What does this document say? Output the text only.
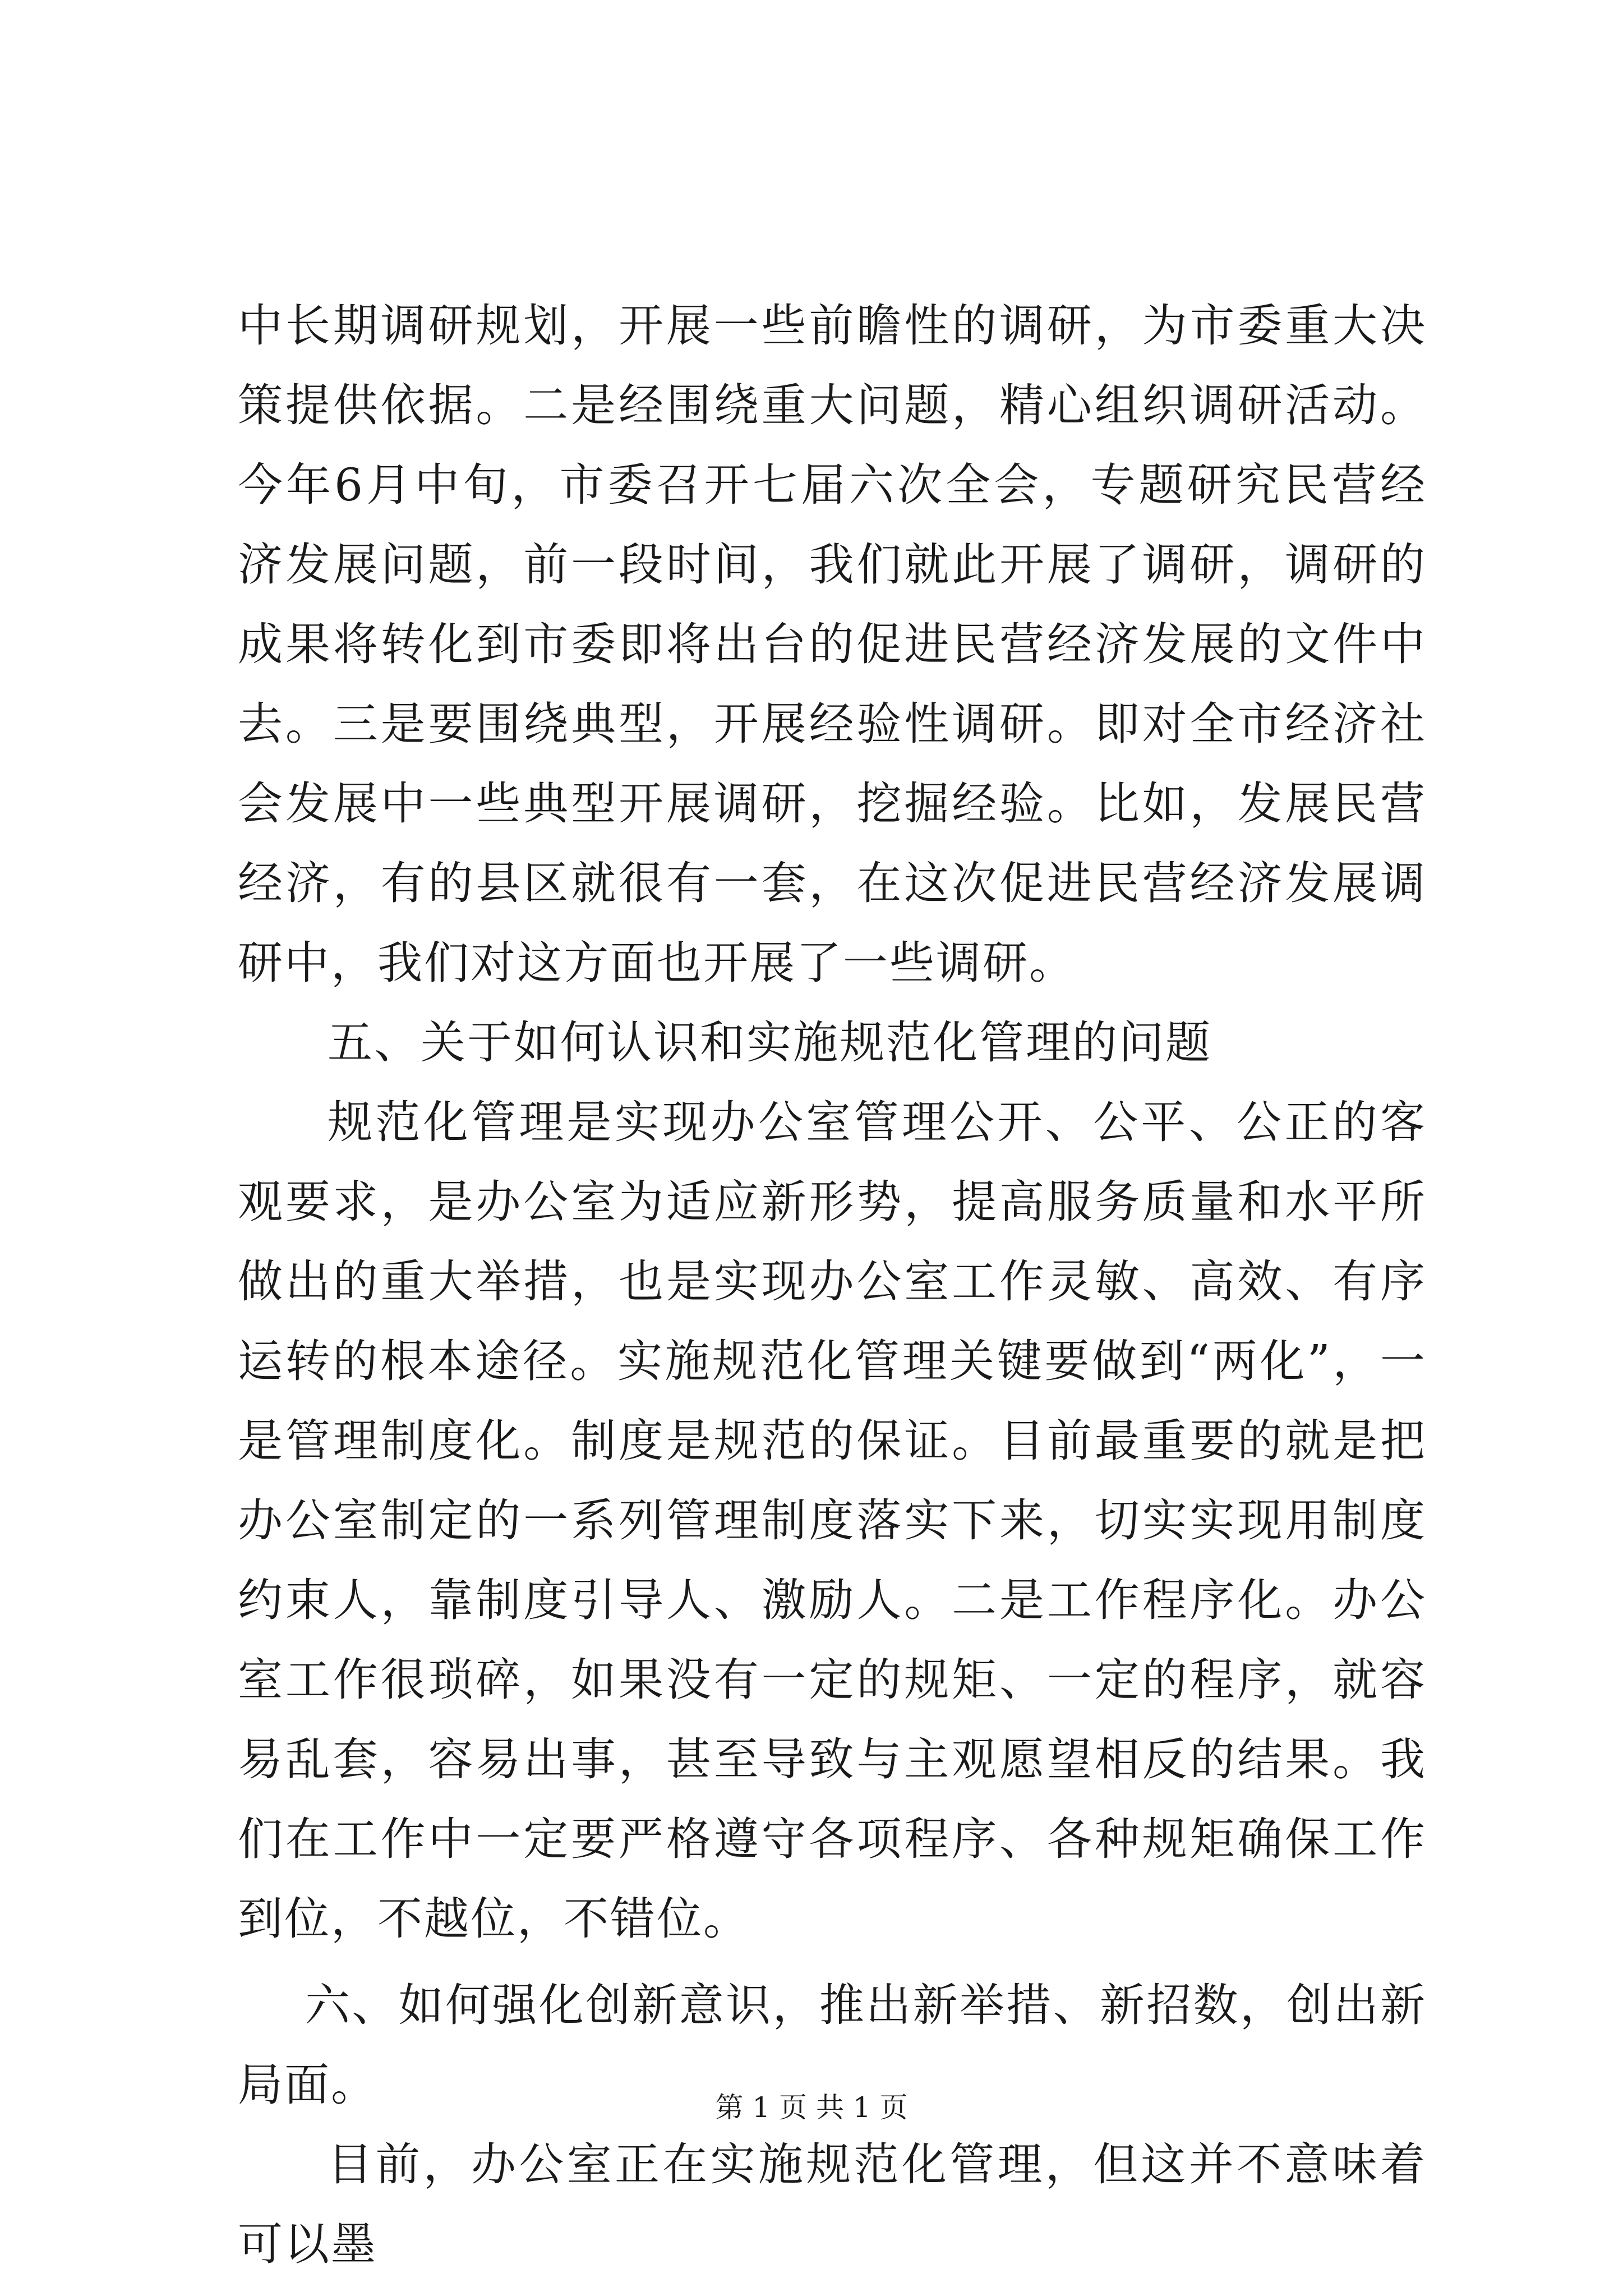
中长期调研规划，开展一些前瞻性的调研，为市委重大决策提供依据。二是经围绕重大问题，精心组织调研活动。今年6月中旬，市委召开七届六次全会，专题研究民营经济发展问题，前一段时间，我们就此开展了调研，调研的成果将转化到市委即将出台的促进民营经济发展的文件中去。三是要围绕典型，开展经验性调研。即对全市经济社会发展中一些典型开展调研，挖掘经验。比如，发展民营经济，有的县区就很有一套，在这次促进民营经济发展调研中，我们对这方面也开展了一些调研。

五、关于如何认识和实施规范化管理的问题

规范化管理是实现办公室管理公开、公平、公正的客观要求，是办公室为适应新形势，提高服务质量和水平所做出的重大举措，也是实现办公室工作灵敏、高效、有序运转的根本途径。实施规范化管理关键要做到“两化”，一是管理制度化。制度是规范的保证。目前最重要的就是把办公室制定的一系列管理制度落实下来，切实实现用制度约束人，靠制度引导人、激励人。二是工作程序化。办公室工作很琐碎，如果没有一定的规矩、一定的程序，就容易乱套，容易出事，甚至导致与主观愿望相反的结果。我们在工作中一定要严格遵守各项程序、各种规矩确保工作到位，不越位，不错位。

六、如何强化创新意识，推出新举措、新招数，创出新局面。

目前，办公室正在实施规范化管理，但这并不意味着可以墨

第 1 页 共 1 页
